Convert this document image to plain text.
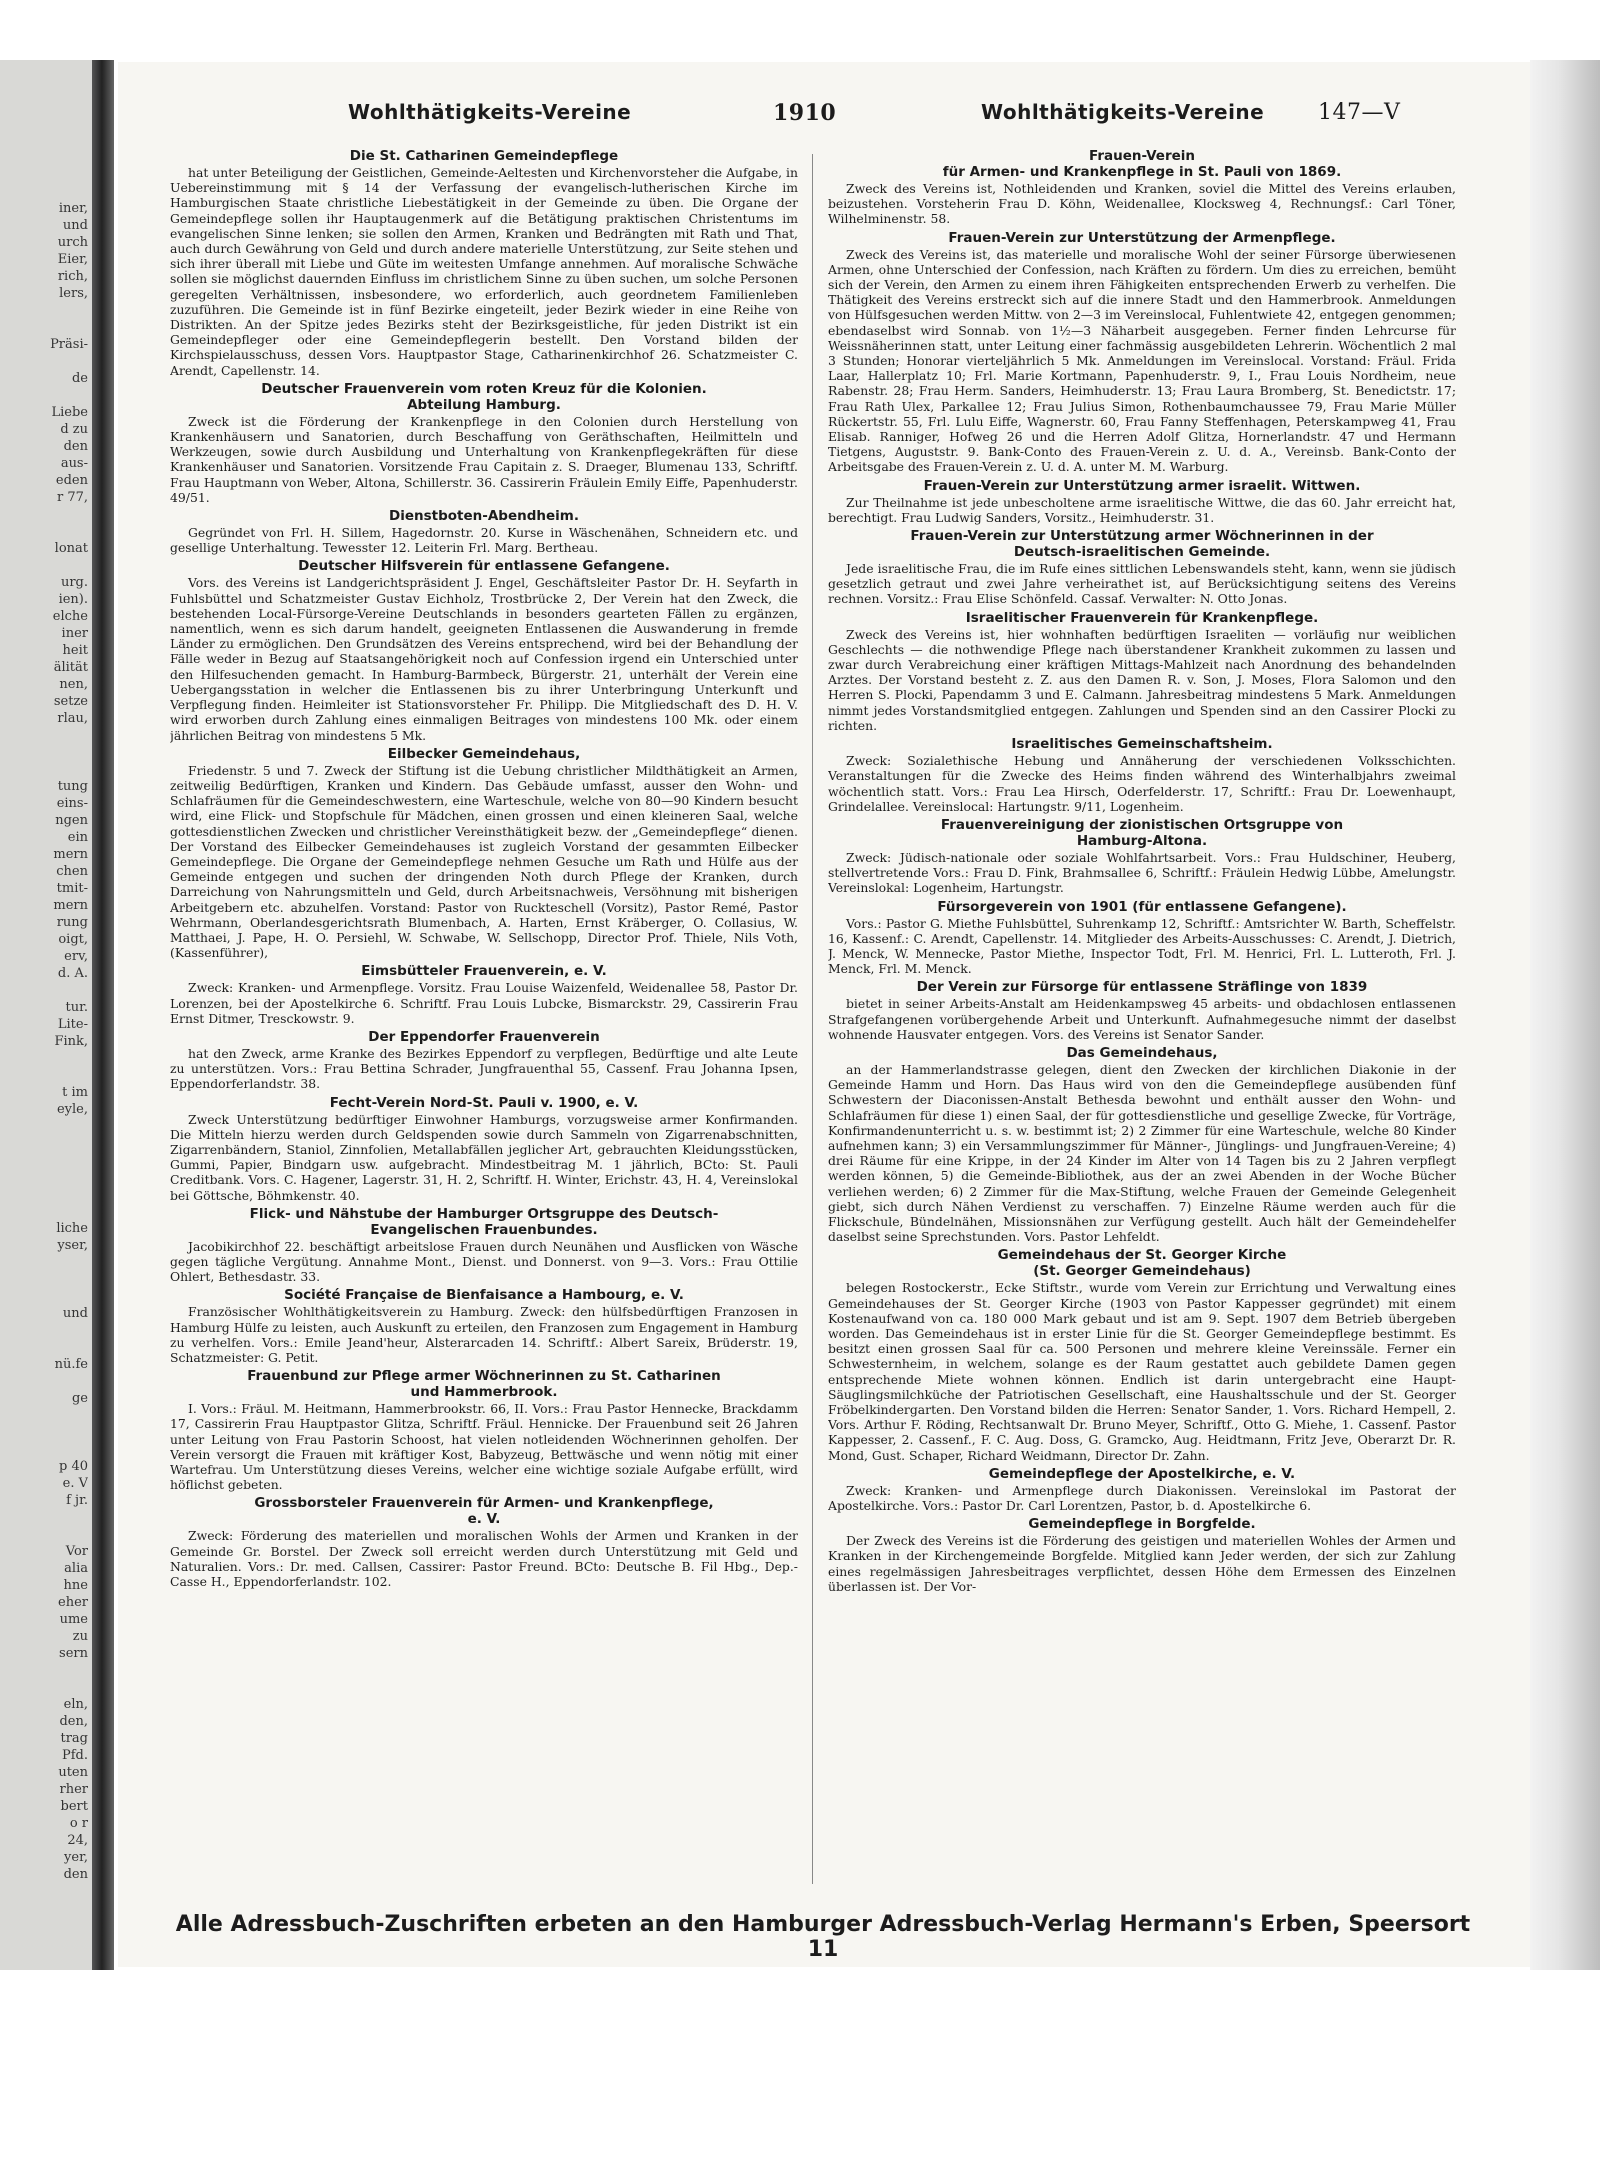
iner,
und
urch
Eier,
rich,
lers,
Präsi-
de
Liebe
d zu
den
aus-
eden
r 77,
lonat
urg.
ien).
elche
iner
heit
älität
nen,
setze
rlau,
tung
eins-
ngen
ein
mern
chen
tmit-
mern
rung
oigt,
erv,
d. A.
tur.
Lite-
Fink,
t im
eyle,
liche
yser,
und
nü.fe
ge
p 40
e. V
f jr.
Vor
alia
hne
eher
ume
zu
sern
eln,
den,
trag
Pfd.
uten
rher
bert
o r
24,
yer,
den
Wohlthätigkeits-Vereine	1910	Wohlthätigkeits-Vereine 147—V
Die St. Catharinen Gemeindepflege
hat unter Beteiligung der Geistlichen, Gemeinde-Aeltesten und Kirchenvorsteher die Aufgabe, in Uebereinstimmung mit § 14 der Verfassung der evangelisch-lutherischen Kirche im Hamburgischen Staate christliche Liebestätigkeit in der Gemeinde zu üben. Die Organe der Gemeindepflege sollen ihr Hauptaugenmerk auf die Betätigung praktischen Christentums im evangelischen Sinne lenken; sie sollen den Armen, Kranken und Bedrängten mit Rath und That, auch durch Gewährung von Geld und durch andere materielle Unterstützung, zur Seite stehen und sich ihrer überall mit Liebe und Güte im weitesten Umfange annehmen. Auf moralische Schwäche sollen sie möglichst dauernden Einfluss im christlichem Sinne zu üben suchen, um solche Personen geregelten Verhältnissen, insbesondere, wo erforderlich, auch geordnetem Familienleben zuzuführen. Die Gemeinde ist in fünf Bezirke eingeteilt, jeder Bezirk wieder in eine Reihe von Distrikten. An der Spitze jedes Bezirks steht der Bezirksgeistliche, für jeden Distrikt ist ein Gemeindepfleger oder eine Gemeindepflegerin bestellt. Den Vorstand bilden der Kirchspielausschuss, dessen Vors. Hauptpastor Stage, Catharinenkirchhof 26. Schatzmeister C. Arendt, Capellenstr. 14.
Deutscher Frauenverein vom roten Kreuz für die Kolonien.
Abteilung Hamburg.
Zweck ist die Förderung der Krankenpflege in den Colonien durch Herstellung von Krankenhäusern und Sanatorien, durch Beschaffung von Geräthschaften, Heilmitteln und Werkzeugen, sowie durch Ausbildung und Unterhaltung von Krankenpflegekräften für diese Krankenhäuser und Sanatorien. Vorsitzende Frau Capitain z. S. Draeger, Blumenau 133, Schriftf. Frau Hauptmann von Weber, Altona, Schillerstr. 36. Cassirerin Fräulein Emily Eiffe, Papenhuderstr. 49/51.
Dienstboten-Abendheim.
Gegründet von Frl. H. Sillem, Hagedornstr. 20. Kurse in Wäschenähen, Schneidern etc. und gesellige Unterhaltung. Tewesstег 12. Leiterin Frl. Marg. Bertheau.
Deutscher Hilfsverein für entlassene Gefangene.
Vors. des Vereins ist Landgerichtspräsident J. Engel, Geschäftsleiter Pastor Dr. H. Seyfarth in Fuhlsbüttel und Schatzmeister Gustav Eichholz, Trostbrücke 2, Der Verein hat den Zweck, die bestehenden Local-Fürsorge-Vereine Deutschlands in besonders gearteten Fällen zu ergänzen, namentlich, wenn es sich darum handelt, geeigneten Entlassenen die Auswanderung in fremde Länder zu ermöglichen. Den Grundsätzen des Vereins entsprechend, wird bei der Behandlung der Fälle weder in Bezug auf Staatsangehörigkeit noch auf Confession irgend ein Unterschied unter den Hilfesuchenden gemacht. In Hamburg-Barmbeck, Bürgerstr. 21, unterhält der Verein eine Uebergangsstation in welcher die Entlassenen bis zu ihrer Unterbringung Unterkunft und Verpflegung finden. Heimleiter ist Stationsvorsteher Fr. Philipp. Die Mitgliedschaft des D. H. V. wird erworben durch Zahlung eines einmaligen Beitrages von mindestens 100 Mk. oder einem jährlichen Beitrag von mindestens 5 Mk.
Eilbecker Gemeindehaus,
Friedenstr. 5 und 7. Zweck der Stiftung ist die Uebung christlicher Mildthätigkeit an Armen, zeitweilig Bedürftigen, Kranken und Kindern. Das Gebäude umfasst, ausser den Wohn- und Schlafräumen für die Gemeindeschwestern, eine Warteschule, welche von 80—90 Kindern besucht wird, eine Flick- und Stopfschule für Mädchen, einen grossen und einen kleineren Saal, welche gottesdienstlichen Zwecken und christlicher Vereinsthätigkeit bezw. der „Gemeindepflege“ dienen. Der Vorstand des Eilbecker Gemeindehauses ist zugleich Vorstand der gesammten Eilbecker Gemeindepflege. Die Organe der Gemeindepflege nehmen Gesuche um Rath und Hülfe aus der Gemeinde entgegen und suchen der dringenden Noth durch Pflege der Kranken, durch Darreichung von Nahrungsmitteln und Geld, durch Arbeitsnachweis, Versöhnung mit bisherigen Arbeitgebern etc. abzuhelfen. Vorstand: Pastor von Ruckteschell (Vorsitz), Pastor Remé, Pastor Wehrmann, Oberlandesgerichtsrath Blumenbach, A. Harten, Ernst Kräberger, O. Collasius, W. Matthaei, J. Pape, H. O. Persiehl, W. Schwabe, W. Sellschopp, Director Prof. Thiele, Nils Voth, (Kassenführer),
Eimsbütteler Frauenverein, e. V.
Zweck: Kranken- und Armenpflege. Vorsitz. Frau Louise Waizenfeld, Weidenallee 58, Pastor Dr. Lorenzen, bei der Apostelkirche 6. Schriftf. Frau Louis Lubcke, Bismarckstr. 29, Cassirerin Frau Ernst Ditmer, Tresckowstr. 9.
Der Eppendorfer Frauenverein
hat den Zweck, arme Kranke des Bezirkes Eppendorf zu verpflegen, Bedürftige und alte Leute zu unterstützen. Vors.: Frau Bettina Schrader, Jungfrauenthal 55, Cassenf. Frau Johanna Ipsen, Eppendorferlandstr. 38.
Fecht-Verein Nord-St. Pauli v. 1900, e. V.
Zweck Unterstützung bedürftiger Einwohner Hamburgs, vorzugsweise armer Konfirmanden. Die Mitteln hierzu werden durch Geldspenden sowie durch Sammeln von Zigarrenabschnitten, Zigarrenbändern, Staniol, Zinnfolien, Metallabfällen jeglicher Art, gebrauchten Kleidungsstücken, Gummi, Papier, Bindgarn usw. aufgebracht. Mindestbeitrag M. 1 jährlich, BCto: St. Pauli Creditbank. Vors. C. Hagener, Lagerstr. 31, H. 2, Schriftf. H. Winter, Erichstr. 43, H. 4, Vereinslokal bei Göttsche, Böhmkenstr. 40.
Flick- und Nähstube der Hamburger Ortsgruppe des Deutsch-
Evangelischen Frauenbundes.
Jacobikirchhof 22. beschäftigt arbeitslose Frauen durch Neunähen und Ausflicken von Wäsche gegen tägliche Vergütung. Annahme Mont., Dienst. und Donnerst. von 9—3. Vors.: Frau Ottilie Ohlert, Bethesdastr. 33.
Société Française de Bienfaisance a Hambourg, e. V.
Französischer Wohlthätigkeitsverein zu Hamburg. Zweck: den hülfsbedürftigen Franzosen in Hamburg Hülfe zu leisten, auch Auskunft zu erteilen, den Franzosen zum Engagement in Hamburg zu verhelfen. Vors.: Emile Jeand'heur, Alsterarcaden 14. Schriftf.: Albert Sareix, Brüderstr. 19, Schatzmeister: G. Petit.
Frauenbund zur Pflege armer Wöchnerinnen zu St. Catharinen
und Hammerbrook.
I. Vors.: Fräul. M. Heitmann, Hammerbrookstr. 66, II. Vors.: Frau Pastor Hennecke, Brackdamm 17, Cassirerin Frau Hauptpastor Glitza, Schriftf. Fräul. Hennicke. Der Frauenbund seit 26 Jahren unter Leitung von Frau Pastorin Schoost, hat vielen notleidenden Wöchnerinnen geholfen. Der Verein versorgt die Frauen mit kräftiger Kost, Babyzeug, Bettwäsche und wenn nötig mit einer Wartefrau. Um Unterstützung dieses Vereins, welcher eine wichtige soziale Aufgabe erfüllt, wird höflichst gebeten.
Grossborsteler Frauenverein für Armen- und Krankenpflege,
e. V.
Zweck: Förderung des materiellen und moralischen Wohls der Armen und Kranken in der Gemeinde Gr. Borstel. Der Zweck soll erreicht werden durch Unterstützung mit Geld und Naturalien. Vors.: Dr. med. Callsen, Cassirer: Pastor Freund. BCto: Deutsche B. Fil Hbg., Dep.-Casse H., Eppendorferlandstr. 102.
Frauen-Verein
für Armen- und Krankenpflege in St. Pauli von 1869.
Zweck des Vereins ist, Nothleidenden und Kranken, soviel die Mittel des Vereins erlauben, beizustehen. Vorsteherin Frau D. Köhn, Weidenallee, Klocksweg 4, Rechnungsf.: Carl Töner, Wilhelminenstr. 58.
Frauen-Verein zur Unterstützung der Armenpflege.
Zweck des Vereins ist, das materielle und moralische Wohl der seiner Fürsorge überwiesenen Armen, ohne Unterschied der Confession, nach Kräften zu fördern. Um dies zu erreichen, bemüht sich der Verein, den Armen zu einem ihren Fähigkeiten entsprechenden Erwerb zu verhelfen. Die Thätigkeit des Vereins erstreckt sich auf die innere Stadt und den Hammerbrook. Anmeldungen von Hülfsgesuchen werden Mittw. von 2—3 im Vereinslocal, Fuhlentwiete 42, entgegen genommen; ebendaselbst wird Sonnab. von 1½—3 Näharbeit ausgegeben. Ferner finden Lehrcurse für Weissnäherinnen statt, unter Leitung einer fachmässig ausgebildeten Lehrerin. Wöchentlich 2 mal 3 Stunden; Honorar vierteljährlich 5 Mk. Anmeldungen im Vereinslocal. Vorstand: Fräul. Frida Laar, Hallerplatz 10; Frl. Marie Kortmann, Papenhuderstr. 9, I., Frau Louis Nordheim, neue Rabenstr. 28; Frau Herm. Sanders, Heimhuderstr. 13; Frau Laura Bromberg, St. Benedictstr. 17; Frau Rath Ulex, Parkallee 12; Frau Julius Simon, Rothenbaumchaussee 79, Frau Marie Müller Rückertstr. 55, Frl. Lulu Eiffe, Wagnerstr. 60, Frau Fanny Steffenhagen, Peterskampweg 41, Frau Elisab. Ranniger, Hofweg 26 und die Herren Adolf Glitza, Hornerlandstr. 47 und Hermann Tietgens, Auguststr. 9. Bank-Conto des Frauen-Verein z. U. d. A., Vereinsb. Bank-Conto der Arbeitsgabe des Frauen-Verein z. U. d. A. unter M. M. Warburg.
Frauen-Verein zur Unterstützung armer israelit. Wittwen.
Zur Theilnahme ist jede unbescholtene arme israelitische Wittwe, die das 60. Jahr erreicht hat, berechtigt. Frau Ludwig Sanders, Vorsitz., Heimhuderstr. 31.
Frauen-Verein zur Unterstützung armer Wöchnerinnen in der
Deutsch-israelitischen Gemeinde.
Jede israelitische Frau, die im Rufe eines sittlichen Lebenswandels steht, kann, wenn sie jüdisch gesetzlich getraut und zwei Jahre verheirathet ist, auf Berücksichtigung seitens des Vereins rechnen. Vorsitz.: Frau Elise Schönfeld. Cassaf. Verwalter: N. Otto Jonas.
Israelitischer Frauenverein für Krankenpflege.
Zweck des Vereins ist, hier wohnhaften bedürftigen Israeliten — vorläufig nur weiblichen Geschlechts — die nothwendige Pflege nach überstandener Krankheit zukommen zu lassen und zwar durch Verabreichung einer kräftigen Mittags-Mahlzeit nach Anordnung des behandelnden Arztes. Der Vorstand besteht z. Z. aus den Damen R. v. Son, J. Moses, Flora Salomon und den Herren S. Plocki, Papendamm 3 und E. Calmann. Jahresbeitrag mindestens 5 Mark. Anmeldungen nimmt jedes Vorstandsmitglied entgegen. Zahlungen und Spenden sind an den Cassirer Plocki zu richten.
Israelitisches Gemeinschaftsheim.
Zweck: Sozialethische Hebung und Annäherung der verschiedenen Volksschichten. Veranstaltungen für die Zwecke des Heims finden während des Winterhalbjahrs zweimal wöchentlich statt. Vors.: Frau Lea Hirsch, Oderfelderstr. 17, Schriftf.: Frau Dr. Loewenhaupt, Grindelallee. Vereinslocal: Hartungstr. 9/11, Logenheim.
Frauenvereinigung der zionistischen Ortsgruppe von
Hamburg-Altona.
Zweck: Jüdisch-nationale oder soziale Wohlfahrtsarbeit. Vors.: Frau Huldschiner, Heuberg, stellvertretende Vors.: Frau D. Fink, Brahmsallee 6, Schriftf.: Fräulein Hedwig Lübbe, Amelungstr. Vereinslokal: Logenheim, Hartungstr.
Fürsorgeverein von 1901 (für entlassene Gefangene).
Vors.: Pastor G. Miethe Fuhlsbüttel, Suhrenkamp 12, Schriftf.: Amtsrichter W. Barth, Scheffelstr. 16, Kassenf.: C. Arendt, Capellenstr. 14. Mitglieder des Arbeits-Ausschusses: C. Arendt, J. Dietrich, J. Menck, W. Mennecke, Pastor Miethe, Inspector Todt, Frl. M. Henrici, Frl. L. Lutteroth, Frl. J. Menck, Frl. M. Menck.
Der Verein zur Fürsorge für entlassene Sträflinge von 1839
bietet in seiner Arbeits-Anstalt am Heidenkampsweg 45 arbeits- und obdachlosen entlassenen Strafgefangenen vorübergehende Arbeit und Unterkunft. Aufnahmegesuche nimmt der daselbst wohnende Hausvater entgegen. Vors. des Vereins ist Senator Sander.
Das Gemeindehaus,
an der Hammerlandstrasse gelegen, dient den Zwecken der kirchlichen Diakonie in der Gemeinde Hamm und Horn. Das Haus wird von den die Gemeindepflege ausübenden fünf Schwestern der Diaconissen-Anstalt Bethesda bewohnt und enthält ausser den Wohn- und Schlafräumen für diese 1) einen Saal, der für gottesdienstliche und gesellige Zwecke, für Vorträge, Konfirmandenunterricht u. s. w. bestimmt ist; 2) 2 Zimmer für eine Warteschule, welche 80 Kinder aufnehmen kann; 3) ein Versammlungszimmer für Männer-, Jünglings- und Jungfrauen-Vereine; 4) drei Räume für eine Krippe, in der 24 Kinder im Alter von 14 Tagen bis zu 2 Jahren verpflegt werden können, 5) die Gemeinde-Bibliothek, aus der an zwei Abenden in der Woche Bücher verliehen werden; 6) 2 Zimmer für die Max-Stiftung, welche Frauen der Gemeinde Gelegenheit giebt, sich durch Nähen Verdienst zu verschaffen. 7) Einzelne Räume werden auch für die Flickschule, Bündelnähen, Missionsnähen zur Verfügung gestellt. Auch hält der Gemeindehelfer daselbst seine Sprechstunden. Vors. Pastor Lehfeldt.
Gemeindehaus der St. Georger Kirche
(St. Georger Gemeindehaus)
belegen Rostockerstr., Ecke Stiftstr., wurde vom Verein zur Errichtung und Verwaltung eines Gemeindehauses der St. Georger Kirche (1903 von Pastor Kappesser gegründet) mit einem Kostenaufwand von ca. 180 000 Mark gebaut und ist am 9. Sept. 1907 dem Betrieb übergeben worden. Das Gemeindehaus ist in erster Linie für die St. Georger Gemeindepflege bestimmt. Es besitzt einen grossen Saal für ca. 500 Personen und mehrere kleine Vereinssäle. Ferner ein Schwesternheim, in welchem, solange es der Raum gestattet auch gebildete Damen gegen entsprechende Miete wohnen können. Endlich ist darin untergebracht eine Haupt-Säuglingsmilchküche der Patriotischen Gesellschaft, eine Haushaltsschule und der St. Georger Fröbelkindergarten. Den Vorstand bilden die Herren: Senator Sander, 1. Vors. Richard Hempell, 2. Vors. Arthur F. Röding, Rechtsanwalt Dr. Bruno Meyer, Schriftf., Otto G. Miehe, 1. Cassenf. Pastor Kappesser, 2. Cassenf., F. C. Aug. Doss, G. Gramcko, Aug. Heidtmann, Fritz Jeve, Oberarzt Dr. R. Mond, Gust. Schaper, Richard Weidmann, Director Dr. Zahn.
Gemeindepflege der Apostelkirche, e. V.
Zweck: Kranken- und Armenpflege durch Diakonissen. Vereinslokal im Pastorat der Apostelkirche. Vors.: Pastor Dr. Carl Lorentzen, Pastor, b. d. Apostelkirche 6.
Gemeindepflege in Borgfelde.
Der Zweck des Vereins ist die Förderung des geistigen und materiellen Wohles der Armen und Kranken in der Kirchengemeinde Borgfelde. Mitglied kann Jeder werden, der sich zur Zahlung eines regelmässigen Jahresbeitrages verpflichtet, dessen Höhe dem Ermessen des Einzelnen überlassen ist. Der Vor-
Alle Adressbuch-Zuschriften erbeten an den Hamburger Adressbuch-Verlag Hermann's Erben, Speersort 11
